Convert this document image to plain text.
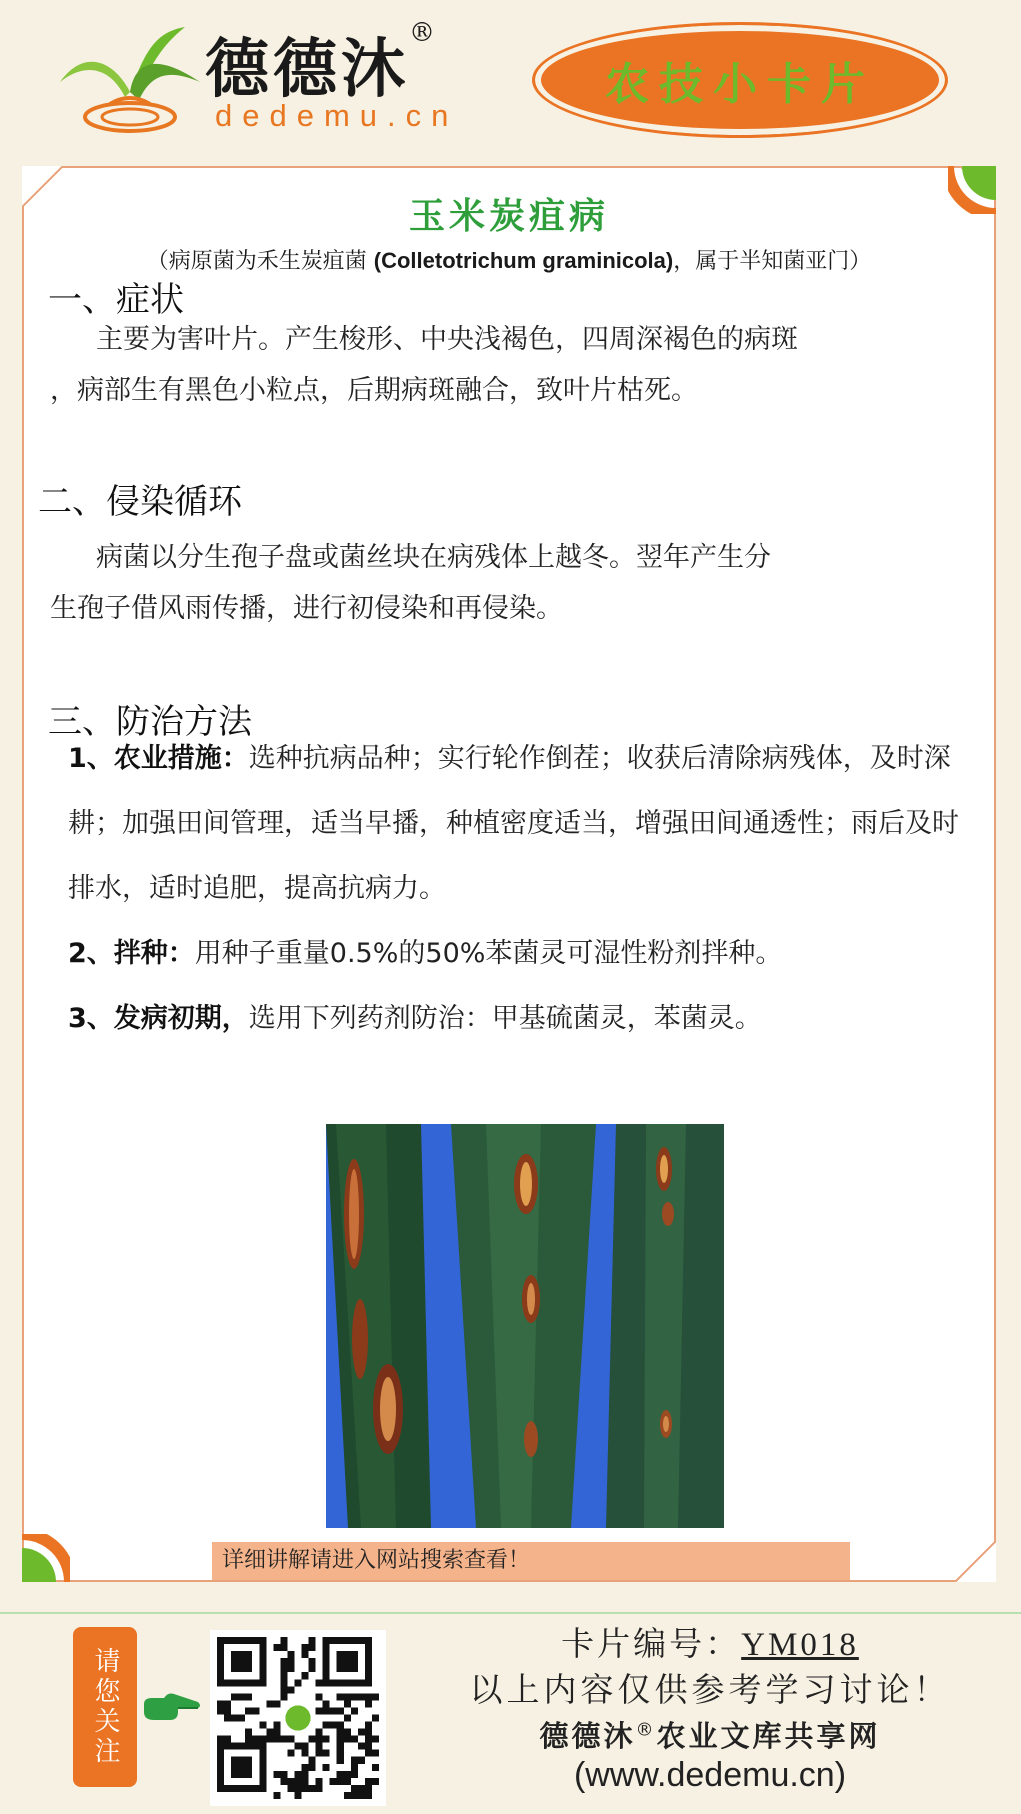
德德沐®
dedemu.cn
农技小卡片
玉米炭疽病
（病原菌为禾生炭疽菌 (Colletotrichum graminicola)，属于半知菌亚门）
一、症状
主要为害叶片。产生梭形、中央浅褐色，四周深褐色的病斑
，病部生有黑色小粒点，后期病斑融合，致叶片枯死。
二、侵染循环
病菌以分生孢子盘或菌丝块在病残体上越冬。翌年产生分
生孢子借风雨传播，进行初侵染和再侵染。
三、防治方法
1、农业措施：选种抗病品种；实行轮作倒茬；收获后清除病残体，及时深耕；加强田间管理，适当早播，种植密度适当，增强田间通透性；雨后及时排水，适时追肥，提高抗病力。
2、拌种：用种子重量0.5%的50%苯菌灵可湿性粉剂拌种。
3、发病初期，选用下列药剂防治：甲基硫菌灵，苯菌灵。
详细讲解请进入网站搜索查看！
请您关注
卡片编号：YM018
以上内容仅供参考学习讨论！
德德沐®农业文库共享网
(www.dedemu.cn)
